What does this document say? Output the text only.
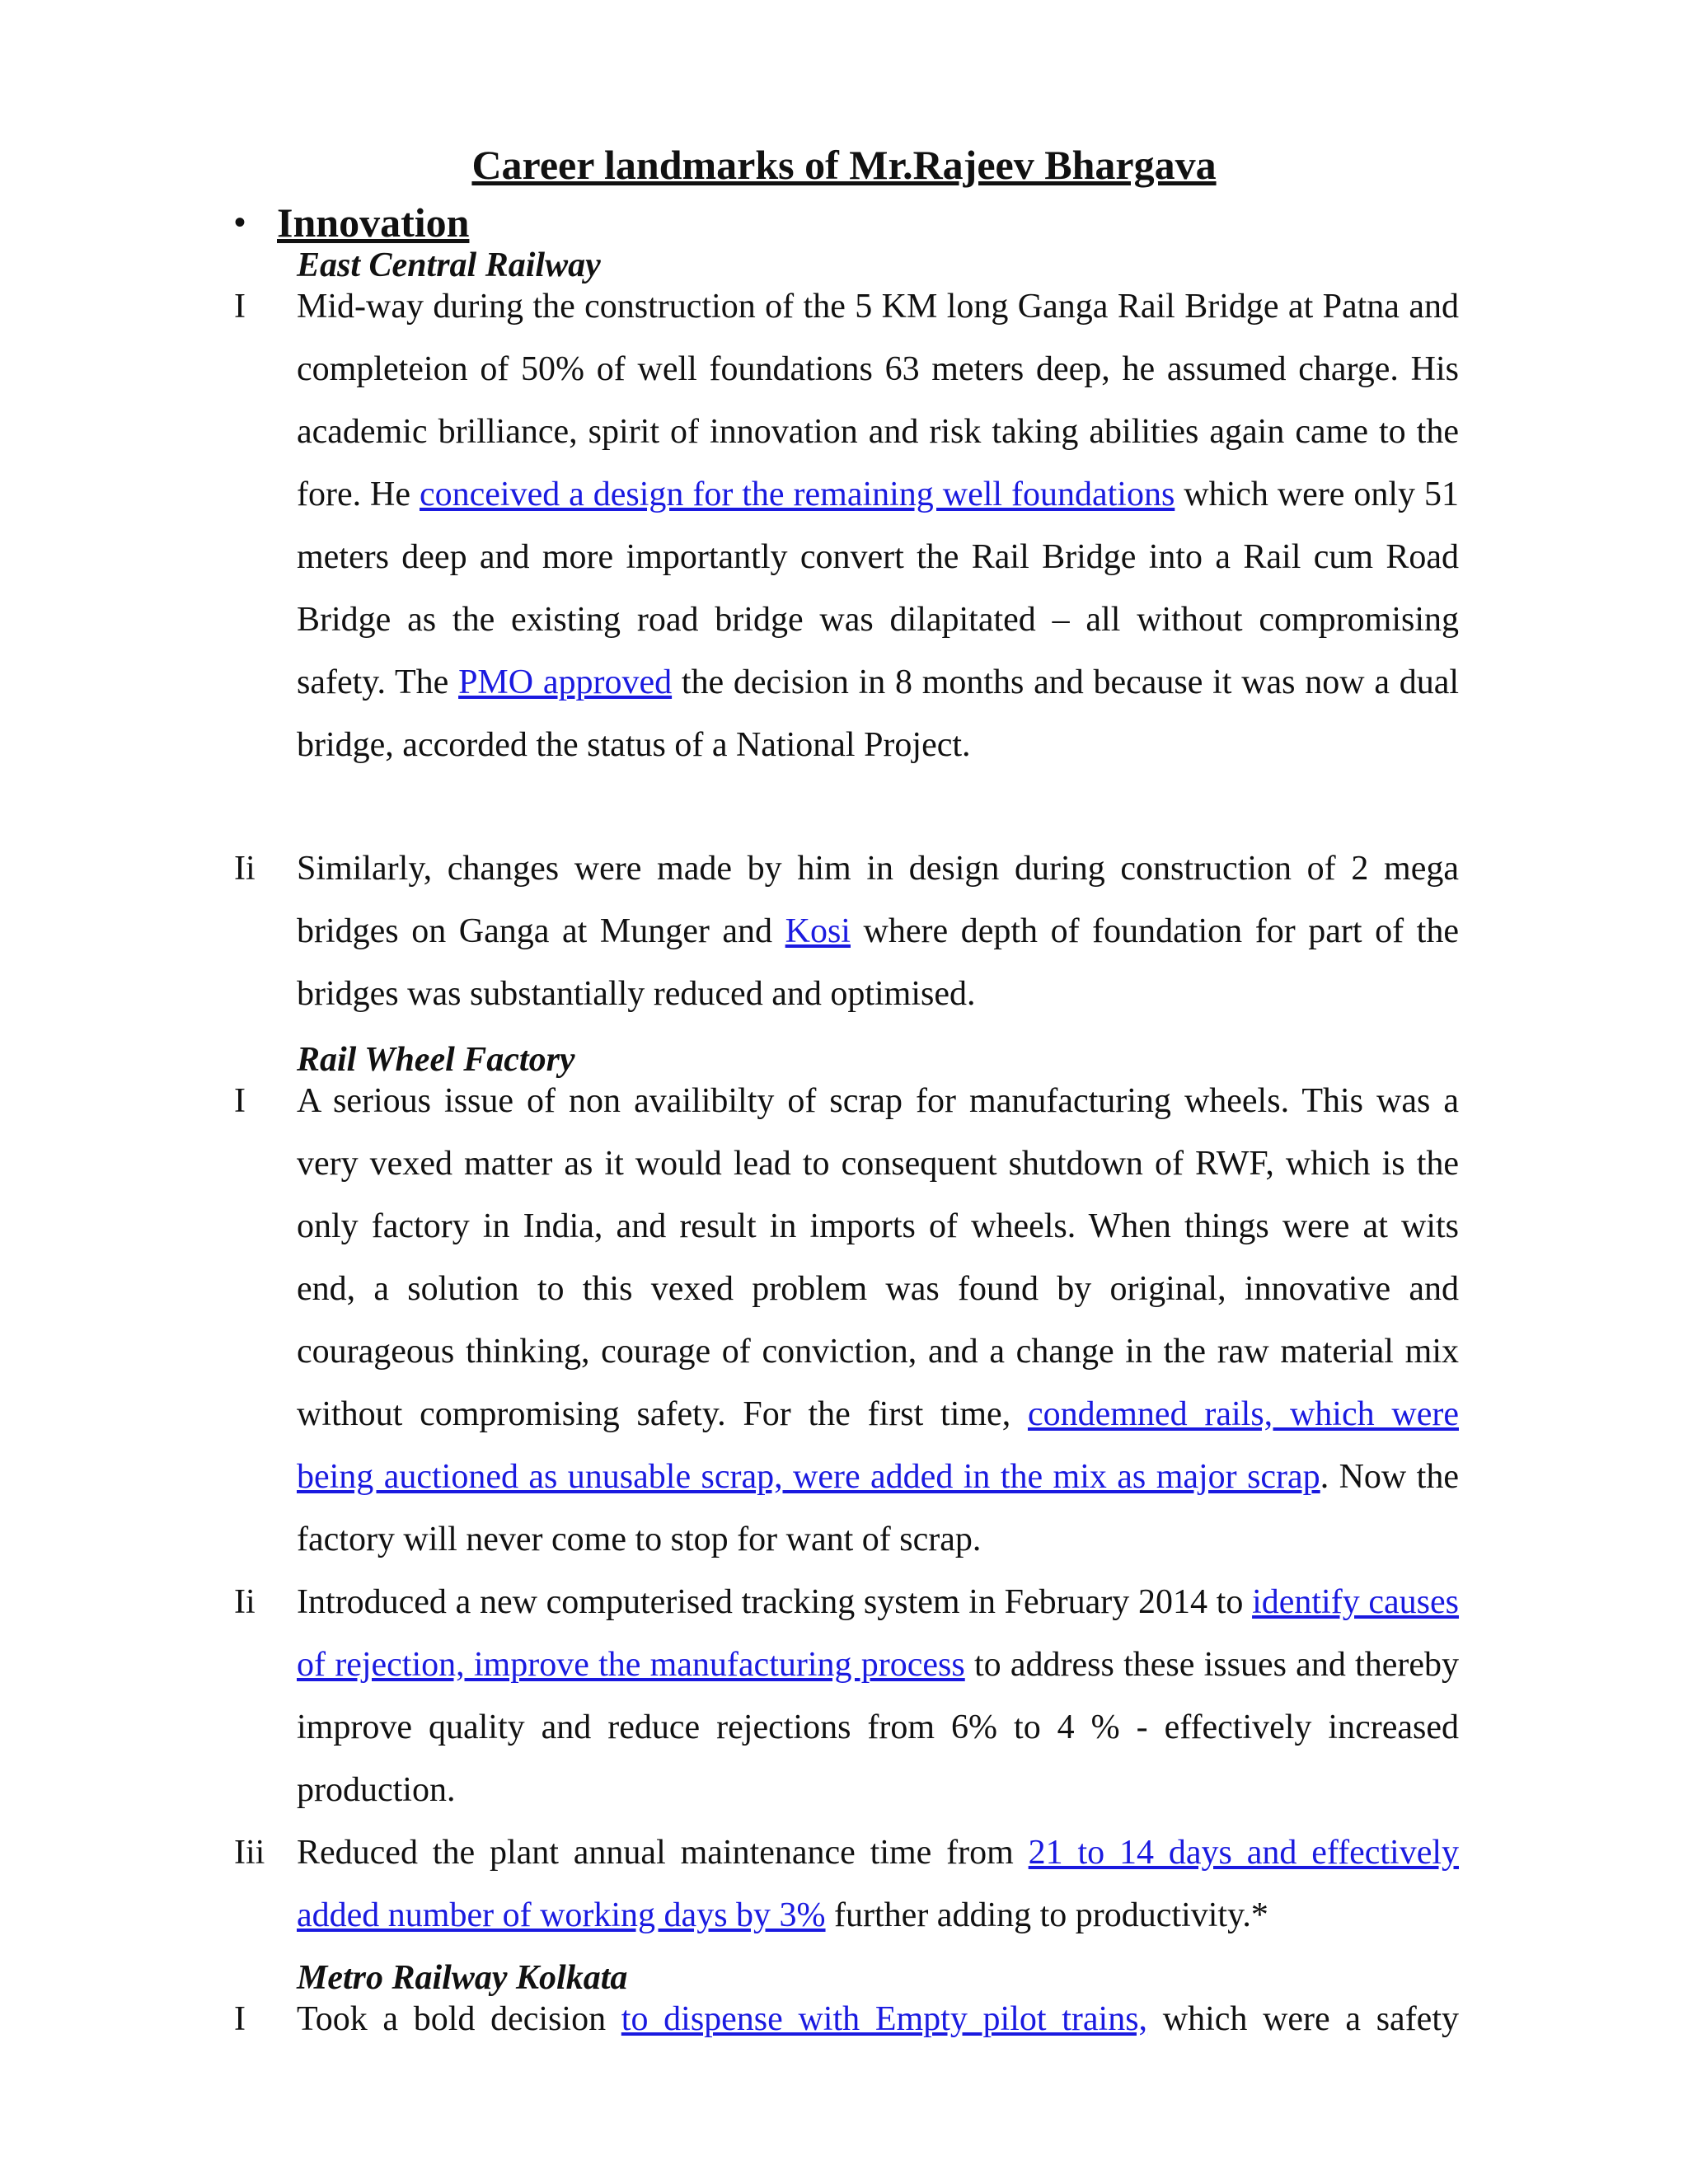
Career landmarks of Mr.Rajeev Bhargava
• Innovation
East Central Railway
I Mid-way during the construction of the 5 KM long Ganga Rail Bridge at Patna and completeion of 50% of well foundations 63 meters deep, he assumed charge. His academic brilliance, spirit of innovation and risk taking abilities again came to the fore. He conceived a design for the remaining well foundations which were only 51 meters deep and more importantly convert the Rail Bridge into a Rail cum Road Bridge as the existing road bridge was dilapitated – all without compromising safety. The PMO approved the decision in 8 months and because it was now a dual bridge, accorded the status of a National Project.
Ii Similarly, changes were made by him in design during construction of 2 mega bridges on Ganga at Munger and Kosi where depth of foundation for part of the bridges was substantially reduced and optimised.
Rail Wheel Factory
I A serious issue of non availibilty of scrap for manufacturing wheels. This was a very vexed matter as it would lead to consequent shutdown of RWF, which is the only factory in India, and result in imports of wheels. When things were at wits end, a solution to this vexed problem was found by original, innovative and courageous thinking, courage of conviction, and a change in the raw material mix without compromising safety. For the first time, condemned rails, which were being auctioned as unusable scrap, were added in the mix as major scrap. Now the factory will never come to stop for want of scrap.
Ii Introduced a new computerised tracking system in February 2014 to identify causes of rejection, improve the manufacturing process to address these issues and thereby improve quality and reduce rejections from 6% to 4 % - effectively increased production.
Iii Reduced the plant annual maintenance time from 21 to 14 days and effectively added number of working days by 3% further adding to productivity.*
Metro Railway Kolkata
I Took a bold decision to dispense with Empty pilot trains, which were a safety
